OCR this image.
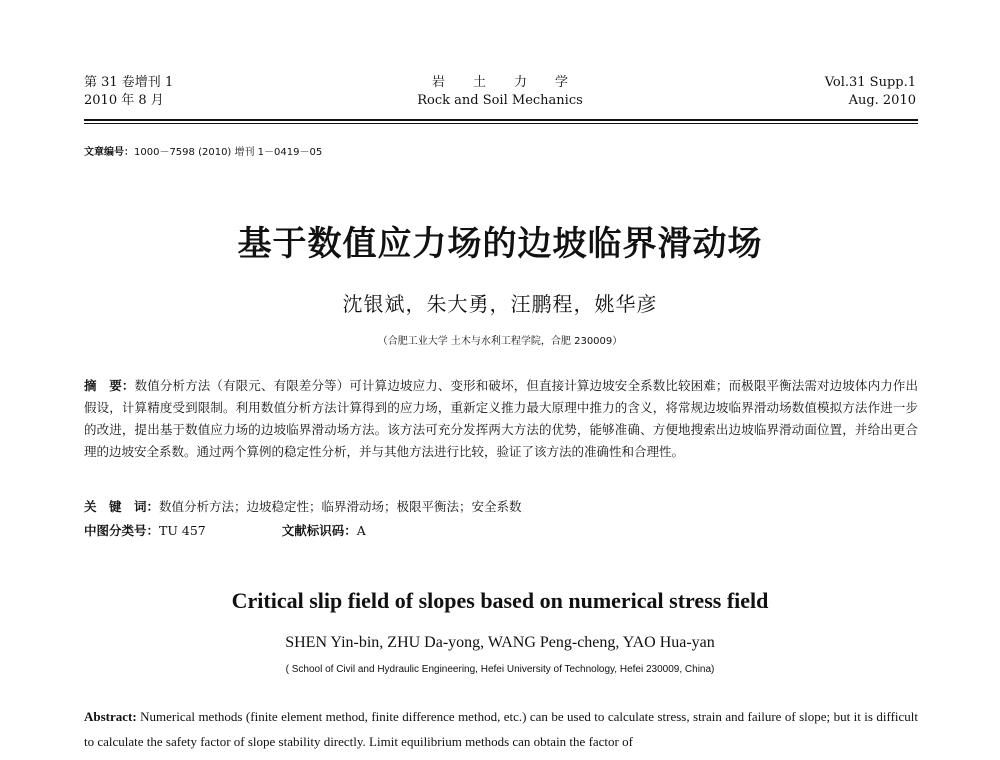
第 31 卷增刊 1
2010 年 8 月
岩土力学
Rock and Soil Mechanics
Vol.31 Supp.1
Aug. 2010
文章编号：1000－7598 (2010) 增刊 1－0419－05
基于数值应力场的边坡临界滑动场
沈银斌，朱大勇，汪鹏程，姚华彦
（合肥工业大学 土木与水利工程学院，合肥 230009）
摘　要：数值分析方法（有限元、有限差分等）可计算边坡应力、变形和破坏，但直接计算边坡安全系数比较困难；而极限平衡法需对边坡体内力作出假设，计算精度受到限制。利用数值分析方法计算得到的应力场，重新定义推力最大原理中推力的含义，将常规边坡临界滑动场数值模拟方法作进一步的改进，提出基于数值应力场的边坡临界滑动场方法。该方法可充分发挥两大方法的优势，能够准确、方便地搜索出边坡临界滑动面位置，并给出更合理的边坡安全系数。通过两个算例的稳定性分析，并与其他方法进行比较，验证了该方法的准确性和合理性。
关　键　词：数值分析方法；边坡稳定性；临界滑动场；极限平衡法；安全系数
中图分类号：TU 457	文献标识码：A
Critical slip field of slopes based on numerical stress field
SHEN Yin-bin, ZHU Da-yong, WANG Peng-cheng, YAO Hua-yan
( School of Civil and Hydraulic Engineering, Hefei University of Technology, Hefei 230009, China)
Abstract: Numerical methods (finite element method, finite difference method, etc.) can be used to calculate stress, strain and failure of slope; but it is difficult to calculate the safety factor of slope stability directly. Limit equilibrium methods can obtain the factor of
